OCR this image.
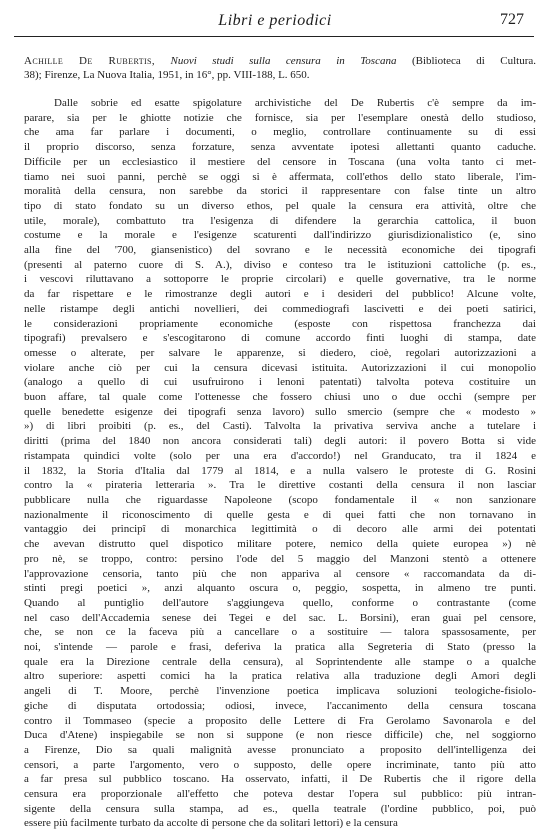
Libri e periodici	727
Achille De Rubertis, Nuovi studi sulla censura in Toscana (Biblioteca di Cultura.
38); Firenze, La Nuova Italia, 1951, in 16°, pp. VIII-188, L. 650.
Dalle sobrie ed esatte spigolature archivistiche del De Rubertis c'è sempre da im-
parare, sia per le ghiotte notizie che fornisce, sia per l'esemplare onestà dello studioso,
che ama far parlare i documenti, o meglio, controllare continuamente su di essi
il proprio discorso, senza forzature, senza avventate ipotesi allettanti quanto caduche.
Difficile per un ecclesiastico il mestiere del censore in Toscana (una volta tanto ci met-
tiamo nei suoi panni, perchè se oggi si è affermata, coll'ethos dello stato liberale, l'im-
moralità della censura, non sarebbe da storici il rappresentare con false tinte un altro
tipo di stato fondato su un diverso ethos, pel quale la censura era attività, oltre che
utile, morale), combattuto tra l'esigenza di difendere la gerarchia cattolica, il buon
costume e la morale e l'esigenze scaturenti dall'indirizzo giurisdizionalistico (e, sino
alla fine del '700, giansenistico) del sovrano e le necessità economiche dei tipografi
(presenti al paterno cuore di S. A.), diviso e conteso tra le istituzioni cattoliche (p. es.,
i vescovi riluttavano a sottoporre le proprie circolari) e quelle governative, tra le norme
da far rispettare e le rimostranze degli autori e i desideri del pubblico! Alcune volte,
nelle ristampe degli antichi novellieri, dei commediografi lascivetti e dei poeti satirici,
le considerazioni propriamente economiche (esposte con rispettosa franchezza dai
tipografi) prevalsero e s'escogitarono di comune accordo finti luoghi di stampa, date
omesse o alterate, per salvare le apparenze, si diedero, cioè, regolari autorizzazioni a
violare anche ciò per cui la censura dicevasi istituita. Autorizzazioni il cui monopolio
(analogo a quello di cui usufruirono i lenoni patentati) talvolta poteva costituire un
buon affare, tal quale come l'ottenesse che fossero chiusi uno o due occhi (sempre per
quelle benedette esigenze dei tipografi senza lavoro) sullo smercio (sempre che « modesto »
») di libri proibiti (p. es., del Casti). Talvolta la privativa serviva anche a tutelare i
diritti (prima del 1840 non ancora considerati tali) degli autori: il povero Botta si vide
ristampata quindici volte (solo per una era d'accordo!) nel Granducato, tra il 1824 e
il 1832, la Storia d'Italia dal 1779 al 1814, e a nulla valsero le proteste di G. Rosini
contro la « pirateria letteraria ». Tra le direttive costanti della censura il non lasciar
pubblicare nulla che riguardasse Napoleone (scopo fondamentale il « non sanzionare
nazionalmente il riconoscimento di quelle gesta e di quei fatti che non tornavano in
vantaggio dei principî di monarchica legittimità o di decoro alle armi dei potentati
che avevan distrutto quel dispotico militare potere, nemico della quiete europea ») nè
pro nè, se troppo, contro: persino l'ode del 5 maggio del Manzoni stentò a ottenere
l'approvazione censoria, tanto più che non appariva al censore « raccomandata da di-
stinti pregi poetici », anzi alquanto oscura o, peggio, sospetta, in almeno tre punti.
Quando al puntiglio dell'autore s'aggiungeva quello, conforme o contrastante (come
nel caso dell'Accademia senese dei Tegei e del sac. L. Borsini), eran guai pel censore,
che, se non ce la faceva più a cancellare o a sostituire — talora spassosamente, per
noi, s'intende — parole e frasi, deferiva la pratica alla Segreteria di Stato (presso la
quale era la Direzione centrale della censura), al Soprintendente alle stampe o a qualche
altro superiore: aspetti comici ha la pratica relativa alla traduzione degli Amori degli
angeli di T. Moore, perchè l'invenzione poetica implicava soluzioni teologiche-fisiolo-
giche di disputata ortodossia; odiosi, invece, l'accanimento della censura toscana
contro il Tommaseo (specie a proposito delle Lettere di Fra Gerolamo Savonarola e del
Duca d'Atene) inspiegabile se non si suppone (e non riesce difficile) che, nel soggiorno
a Firenze, Dio sa quali malignità avesse pronunciato a proposito dell'intelligenza dei
censori, a parte l'argomento, vero o supposto, delle opere incriminate, tanto più atto
a far presa sul pubblico toscano. Ha osservato, infatti, il De Rubertis che il rigore della
censura era proporzionale all'effetto che poteva destar l'opera sul pubblico: più intran-
sigente della censura sulla stampa, ad es., quella teatrale (l'ordine pubblico, poi, può
essere più facilmente turbato da accolte di persone che da solitari lettori) e la censura
